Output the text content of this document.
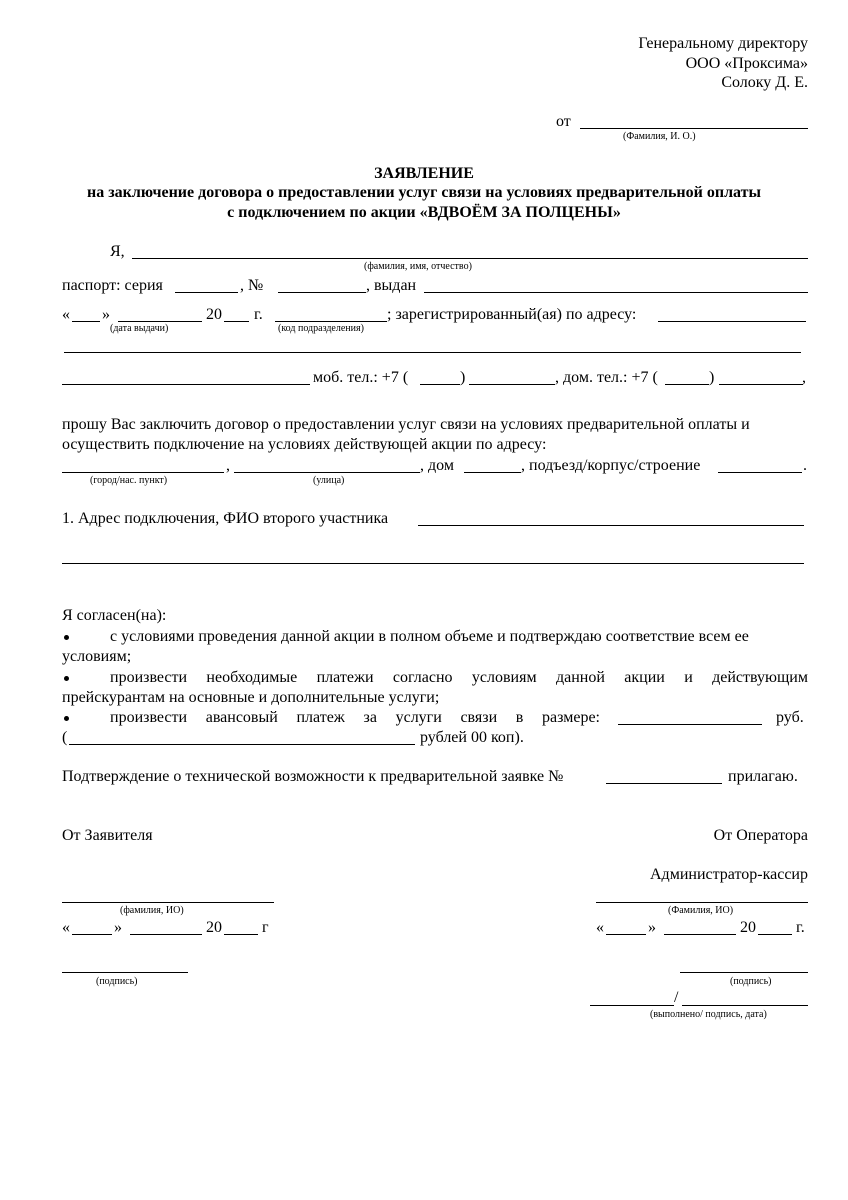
Генеральному директору
ООО «Проксима»
Солоку Д. Е.
от
(Фамилия, И. О.)
ЗАЯВЛЕНИЕ
на заключение договора о предоставлении услуг связи на условиях предварительной оплаты
с подключением по акции «ВДВОЁМ ЗА ПОЛЦЕНЫ»
Я,
(фамилия, имя, отчество)
паспорт: серия	, №	, выдан
« »	20 г.	; зарегистрированный(ая) по адресу:
(дата выдачи)	(код подразделения)
моб. тел.: +7 (	)	, дом. тел.: +7 (	)	,
прошу Вас заключить договор о предоставлении услуг связи на условиях предварительной оплаты и
осуществить подключение на условиях действующей акции по адресу:
,	, дом	, подъезд/корпус/строение	.
(город/нас. пункт)	(улица)
1. Адрес подключения, ФИО второго участника
Я согласен(на):
с условиями проведения данной акции в полном объеме и подтверждаю соответствие всем ее
условиям;
произвести необходимые платежи согласно условиям данной акции и действующим
прейскурантам на основные и дополнительные услуги;
произвести авансовый платеж за услуги связи в размере:	руб.
(	рублей 00 коп).
Подтверждение о технической возможности к предварительной заявке №	прилагаю.
От Заявителя
(фамилия, ИО)
«	»	20	г
(подпись)
От Оператора
Администратор-кассир
(Фамилия, ИО)
«	»	20	г.
(подпись)
/
(выполнено/ подпись, дата)
